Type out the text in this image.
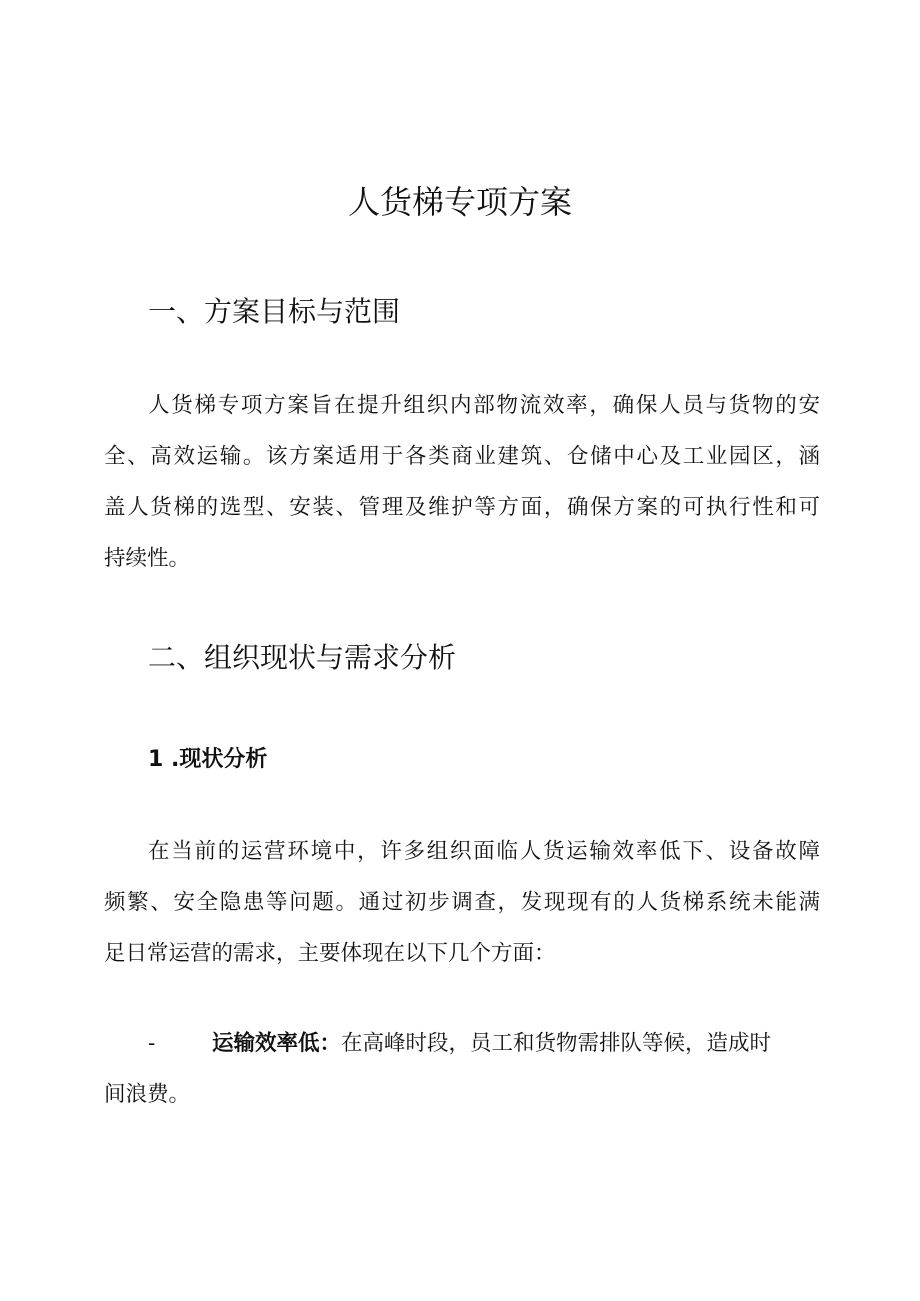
人货梯专项方案
一、方案目标与范围
人货梯专项方案旨在提升组织内部物流效率，确保人员与货物的安
全、高效运输。该方案适用于各类商业建筑、仓储中心及工业园区，涵
盖人货梯的选型、安装、管理及维护等方面，确保方案的可执行性和可
持续性。
二、组织现状与需求分析
1 .现状分析
在当前的运营环境中，许多组织面临人货运输效率低下、设备故障
频繁、安全隐患等问题。通过初步调查，发现现有的人货梯系统未能满
足日常运营的需求，主要体现在以下几个方面：
-	运输效率低：在高峰时段，员工和货物需排队等候，造成时
间浪费。
